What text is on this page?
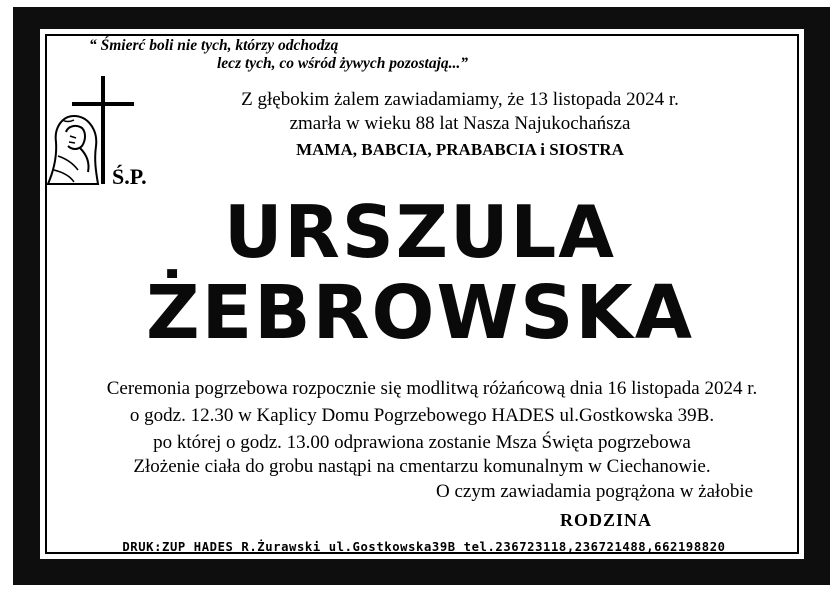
“ Śmierć boli nie tych, którzy odchodzą
lecz tych, co wśród żywych pozostają...”
Ś.P.
Z głębokim żalem zawiadamiamy, że 13 listopada 2024 r.
zmarła w wieku 88 lat Nasza Najukochańsza
MAMA, BABCIA, PRABABCIA i SIOSTRA
URSZULA
ŻEBROWSKA
Ceremonia pogrzebowa rozpocznie się modlitwą różańcową dnia 16 listopada 2024 r.
o godz. 12.30 w Kaplicy Domu Pogrzebowego HADES ul.Gostkowska 39B.
po której o godz. 13.00 odprawiona zostanie Msza Święta pogrzebowa
Złożenie ciała do grobu nastąpi na cmentarzu komunalnym w Ciechanowie.
O czym zawiadamia pogrążona w żałobie
RODZINA
DRUK:ZUP HADES R.Żurawski ul.Gostkowska39B tel.236723118,236721488,662198820
